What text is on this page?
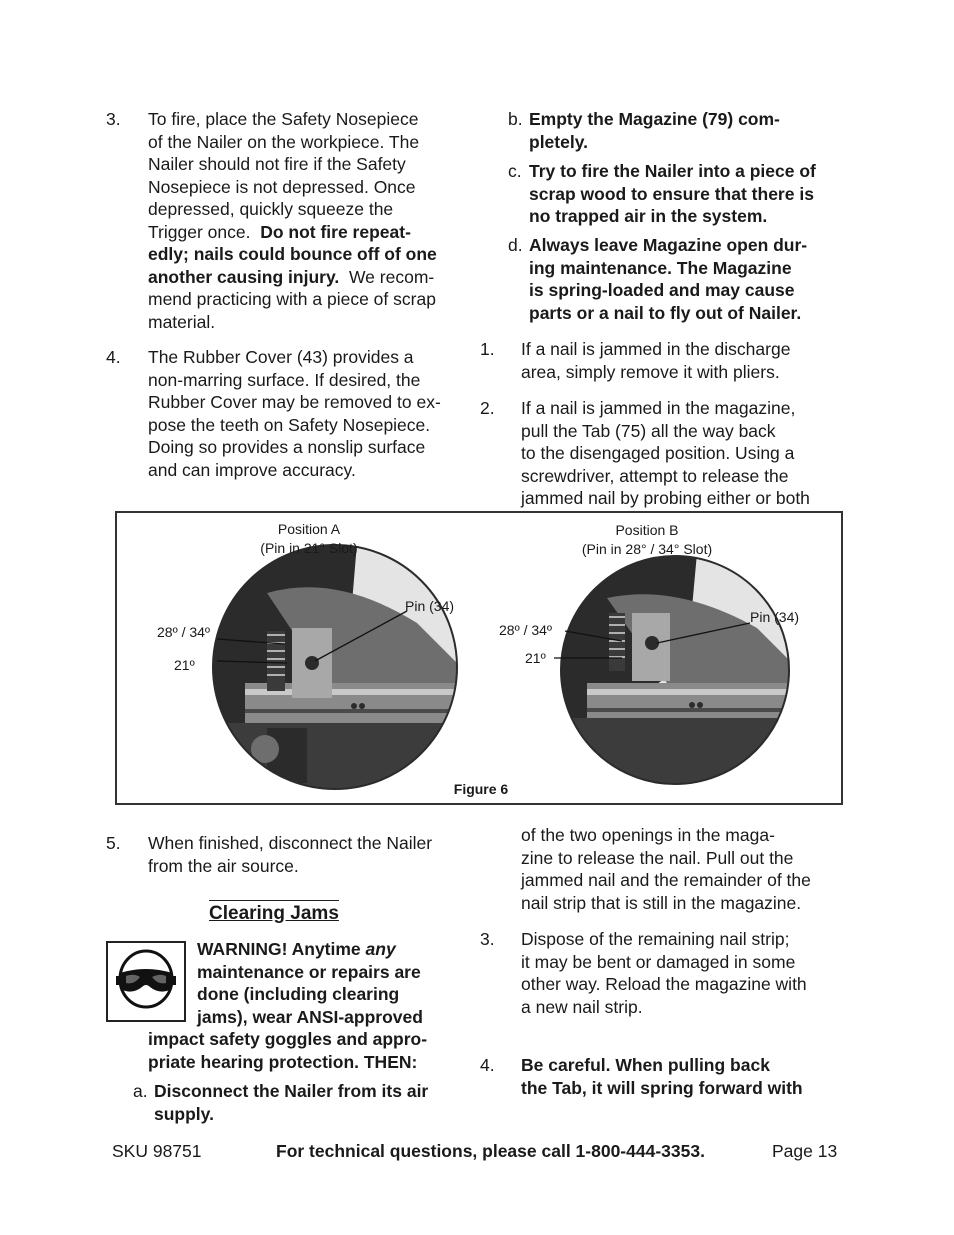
3. To fire, place the Safety Nosepiece
of the Nailer on the workpiece. The
Nailer should not fire if the Safety
Nosepiece is not depressed. Once
depressed, quickly squeeze the
Trigger once.  Do not fire repeat-
edly; nails could bounce off of one
another causing injury.  We recom-
mend practicing with a piece of scrap
material.
4. The Rubber Cover (43) provides a
non-marring surface. If desired, the
Rubber Cover may be removed to ex-
pose the teeth on Safety Nosepiece.
Doing so provides a nonslip surface
and can improve accuracy.
b. Empty the Magazine (79) com-
pletely.
c. Try to fire the Nailer into a piece of
scrap wood to ensure that there is
no trapped air in the system.
d. Always leave Magazine open dur-
ing maintenance. The Magazine
is spring-loaded and may cause
parts or a nail to fly out of Nailer.
1. If a nail is jammed in the discharge
area, simply remove it with pliers.
2. If a nail is jammed in the magazine,
pull the Tab (75) all the way back
to the disengaged position. Using a
screwdriver, attempt to release the
jammed nail by probing either or both
Position A
(Pin in 21° Slot)
28º / 34º
21º
Pin (34)
Position B
(Pin in 28° / 34° Slot)
28º / 34º
21º
Pin (34)
Figure 6
5. When finished, disconnect the Nailer
from the air source.
Clearing Jams
WARNING! Anytime any
maintenance or repairs are
done (including clearing
jams), wear ANSI-approved
impact safety goggles and appro-
priate hearing protection. THEN:
a. Disconnect the Nailer from its air
supply.
of the two openings in the maga-
zine to release the nail. Pull out the
jammed nail and the remainder of the
nail strip that is still in the magazine.
3. Dispose of the remaining nail strip;
it may be bent or damaged in some
other way. Reload the magazine with
a new nail strip.
4. Be careful. When pulling back
the Tab, it will spring forward with
SKU 98751	For technical questions, please call 1-800-444-3353.	Page 13
